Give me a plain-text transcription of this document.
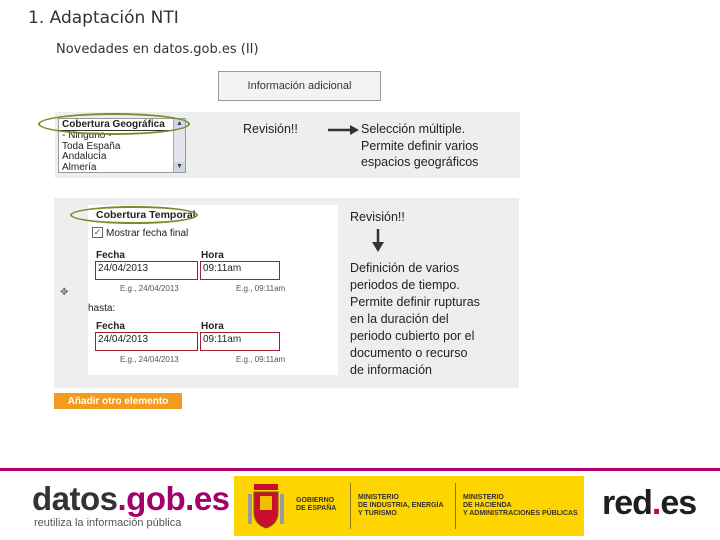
1. Adaptación NTI
Novedades en datos.gob.es (II)
Información adicional
Cobertura Geográfica
- Ninguno -
Toda España
Andalucía
Almería
▲
▼
Revisión!!	Selección múltiple.
Permite definir varios
espacios geográficos
Cobertura Temporal
✓ Mostrar fecha final
Fecha	Hora
24/04/2013	09:11am
E.g., 24/04/2013	E.g., 09:11am
✥
hasta:
Fecha	Hora
24/04/2013	09:11am
E.g., 24/04/2013	E.g., 09:11am
Añadir otro elemento
Revisión!!
Definición de varios
periodos de tiempo.
Permite definir rupturas
en la duración del
periodo cubierto por el
documento o recurso
de información
datos.gob.es
reutiliza la información pública
GOBIERNO
DE ESPAÑA
MINISTERIO
DE INDUSTRIA, ENERGÍA
Y TURISMO
MINISTERIO
DE HACIENDA
Y ADMINISTRACIONES PÚBLICAS red.es
